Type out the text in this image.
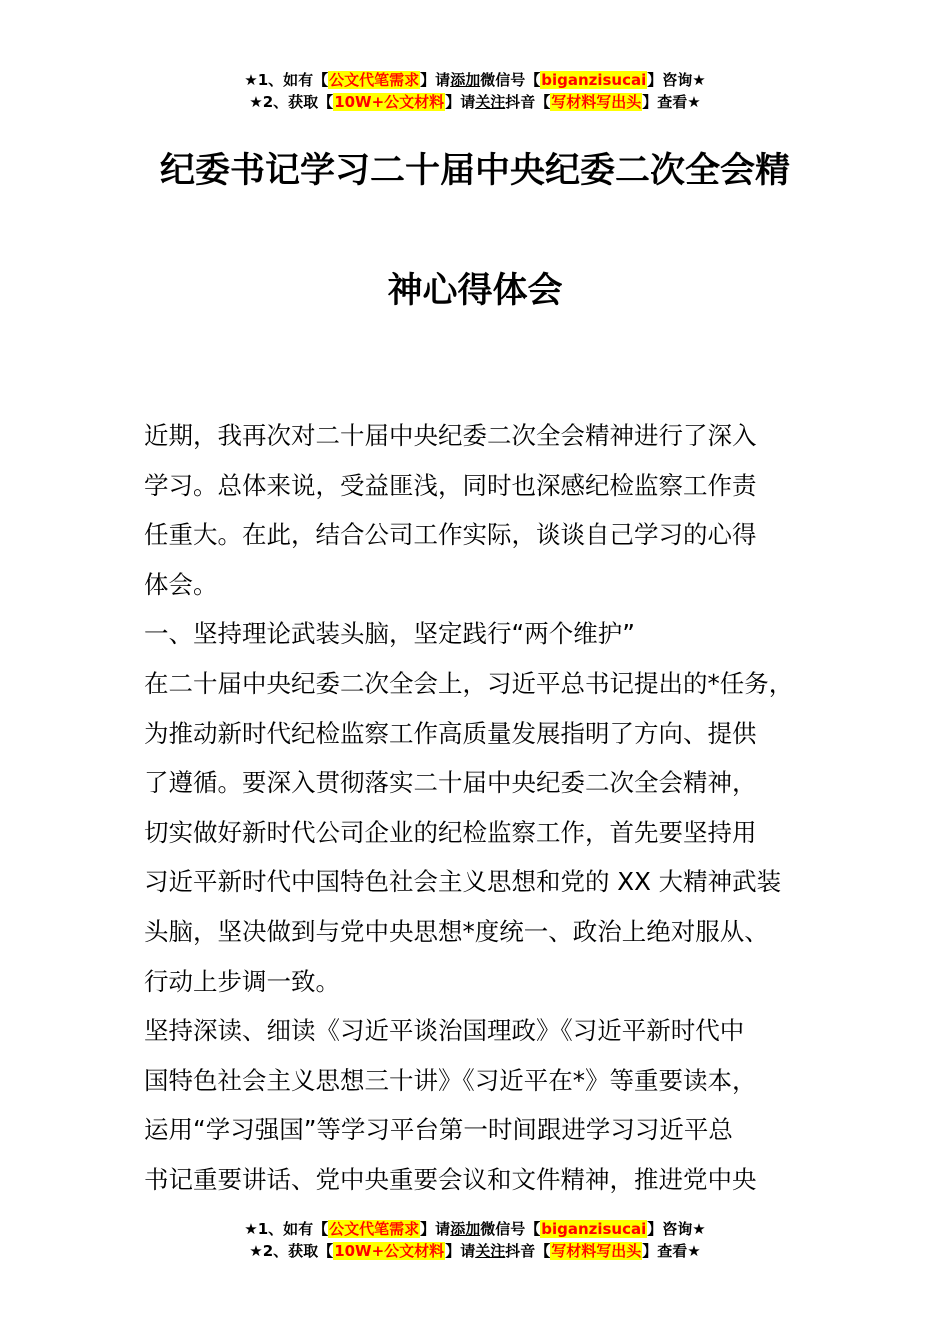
★1、如有【公文代笔需求】请添加微信号【biganzisucai】咨询★
★2、获取【10W+公文材料】请关注抖音【写材料写出头】查看★
纪委书记学习二十届中央纪委二次全会精
神心得体会
近期，我再次对二十届中央纪委二次全会精神进行了深入
学习。总体来说，受益匪浅，同时也深感纪检监察工作责
任重大。在此，结合公司工作实际，谈谈自己学习的心得
体会。
一、坚持理论武装头脑，坚定践行“两个维护”
在二十届中央纪委二次全会上，习近平总书记提出的*任务，
为推动新时代纪检监察工作高质量发展指明了方向、提供
了遵循。要深入贯彻落实二十届中央纪委二次全会精神，
切实做好新时代公司企业的纪检监察工作，首先要坚持用
习近平新时代中国特色社会主义思想和党的 XX 大精神武装
头脑，坚决做到与党中央思想*度统一、政治上绝对服从、
行动上步调一致。
坚持深读、细读《习近平谈治国理政》《习近平新时代中
国特色社会主义思想三十讲》《习近平在*》等重要读本，
运用“学习强国”等学习平台第一时间跟进学习习近平总
书记重要讲话、党中央重要会议和文件精神，推进党中央
★1、如有【公文代笔需求】请添加微信号【biganzisucai】咨询★
★2、获取【10W+公文材料】请关注抖音【写材料写出头】查看★
